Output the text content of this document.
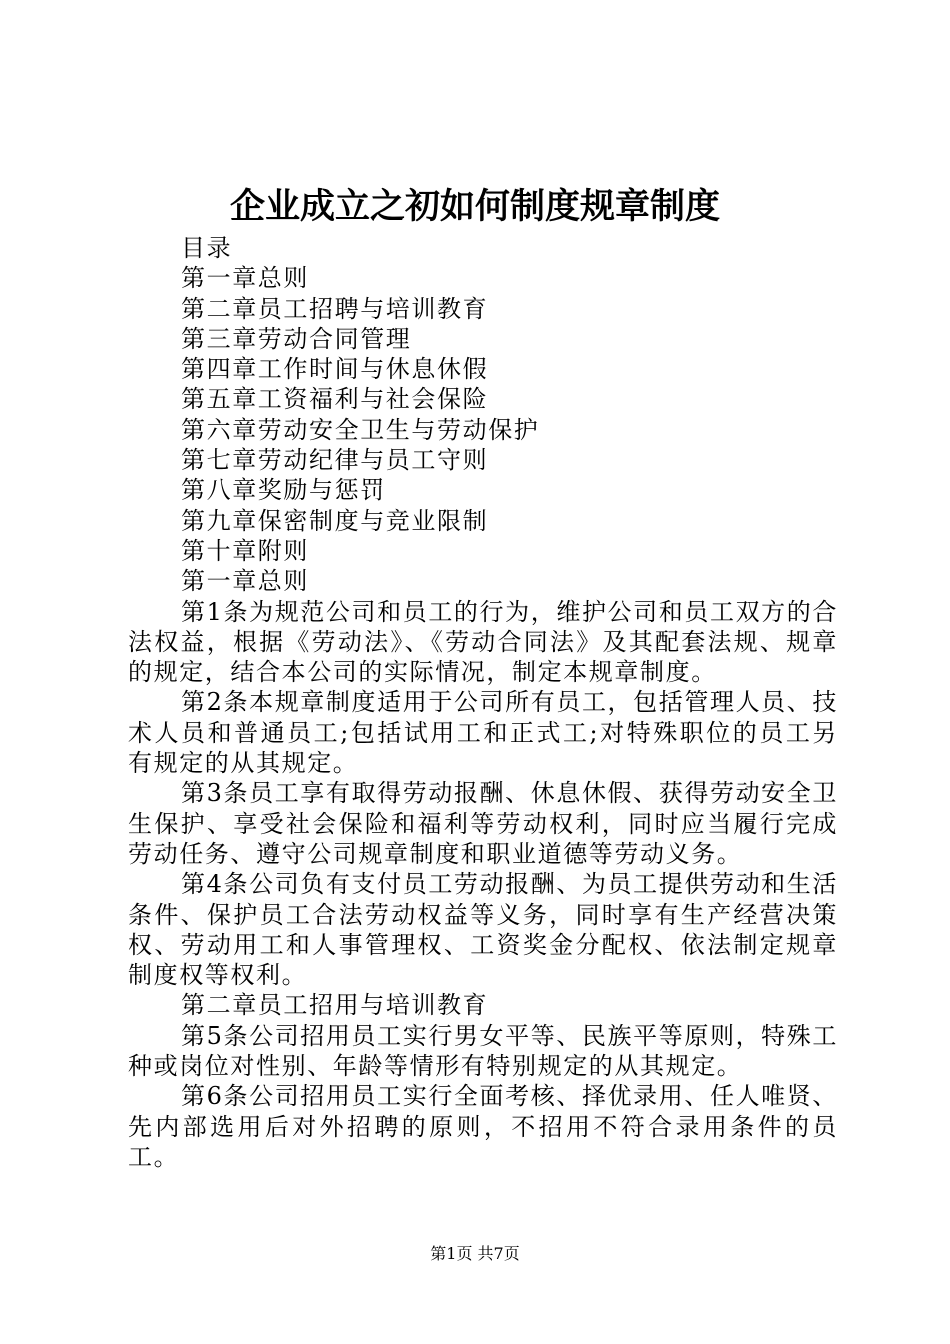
企业成立之初如何制度规章制度

目录

第一章总则

第二章员工招聘与培训教育

第三章劳动合同管理

第四章工作时间与休息休假

第五章工资福利与社会保险

第六章劳动安全卫生与劳动保护

第七章劳动纪律与员工守则

第八章奖励与惩罚

第九章保密制度与竞业限制

第十章附则

第一章总则

第1条为规范公司和员工的行为，维护公司和员工双方的合法权益，根据《劳动法》、《劳动合同法》及其配套法规、规章的规定，结合本公司的实际情况，制定本规章制度。

第2条本规章制度适用于公司所有员工，包括管理人员、技术人员和普通员工;包括试用工和正式工;对特殊职位的员工另有规定的从其规定。

第3条员工享有取得劳动报酬、休息休假、获得劳动安全卫生保护、享受社会保险和福利等劳动权利，同时应当履行完成劳动任务、遵守公司规章制度和职业道德等劳动义务。

第4条公司负有支付员工劳动报酬、为员工提供劳动和生活条件、保护员工合法劳动权益等义务，同时享有生产经营决策权、劳动用工和人事管理权、工资奖金分配权、依法制定规章制度权等权利。

第二章员工招用与培训教育

第5条公司招用员工实行男女平等、民族平等原则，特殊工种或岗位对性别、年龄等情形有特别规定的从其规定。

第6条公司招用员工实行全面考核、择优录用、任人唯贤、先内部选用后对外招聘的原则，不招用不符合录用条件的员工。

第1页 共7页
